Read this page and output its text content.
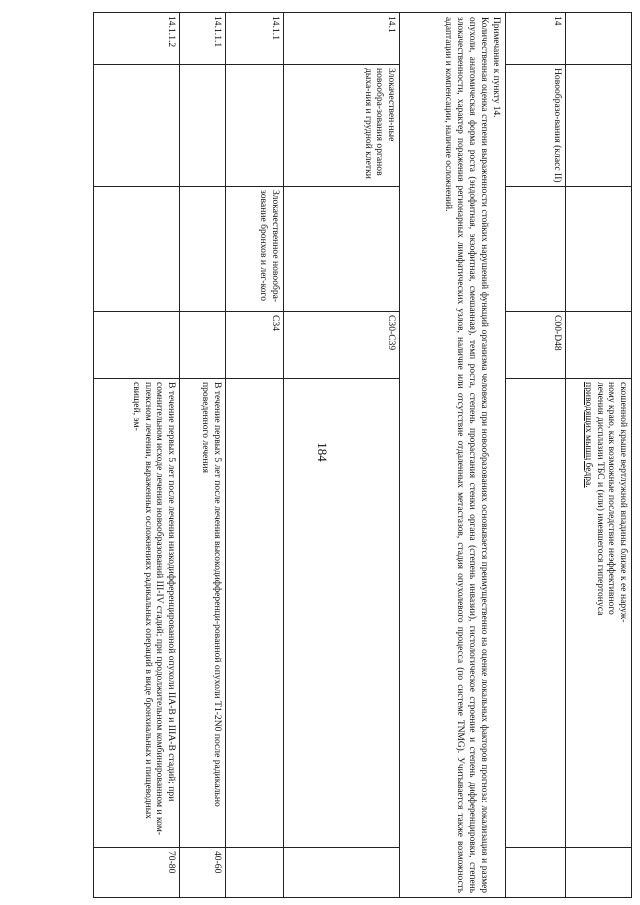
184

				скошенной крыше вертлужной впадины ближе к ее наруж-
ному краю, как возможные последствие неэффективного
лечения дисплазии ТБС и (или) имевшегося гипертонуса
приводящих мышц бедра.	

14	Новообразо-вания (класс II)		C00-D48		

Примечание к пункту 14.
Количественная оценка степени выраженности стойких нарушений функций организма человека при новообразованиях основывается преимущественно на оценке локальных факторов прогноза: локализация и размер опухоли, анатомическая форма роста (эндофитная, экзофитная, смешанная), темп роста, степень прорастания стенки органа (степень инвазии), гистологическое строение и степень дифференцировки, степень злокачественности, характер поражения регионарных лимфатических узлов, наличие или отсутствие отдаленных метастазов, стадия опухолевого процесса (по системе TNMG). Учитывается также возможность адаптации и компенсации, наличие осложнений.					

14.1	Злокачествен-ные новообра-зования органов дыха-ния и грудной клетки		C30-C39		
14.1.1		Злокачественное новообра-зование бронхов и лег-кого	C34		
14.1.1.1				В течение первых 5 лет после лечения высокодифференци-рованной опухоли T1-2N0 после радикально проведенного лечения	40-60
14.1.1.2				В течение первых 5 лет после лечения низкодифференцированной опухоли IIA-B и IIIA-B стадий; при сомнительном исходе лечения новообразований III-IV стадий; при продолжительном комбинированном и ком-плексном лечении, выраженных осложнениях радикальных операций в виде бронхиальных и пищеводных свищей, эм-	70-80
